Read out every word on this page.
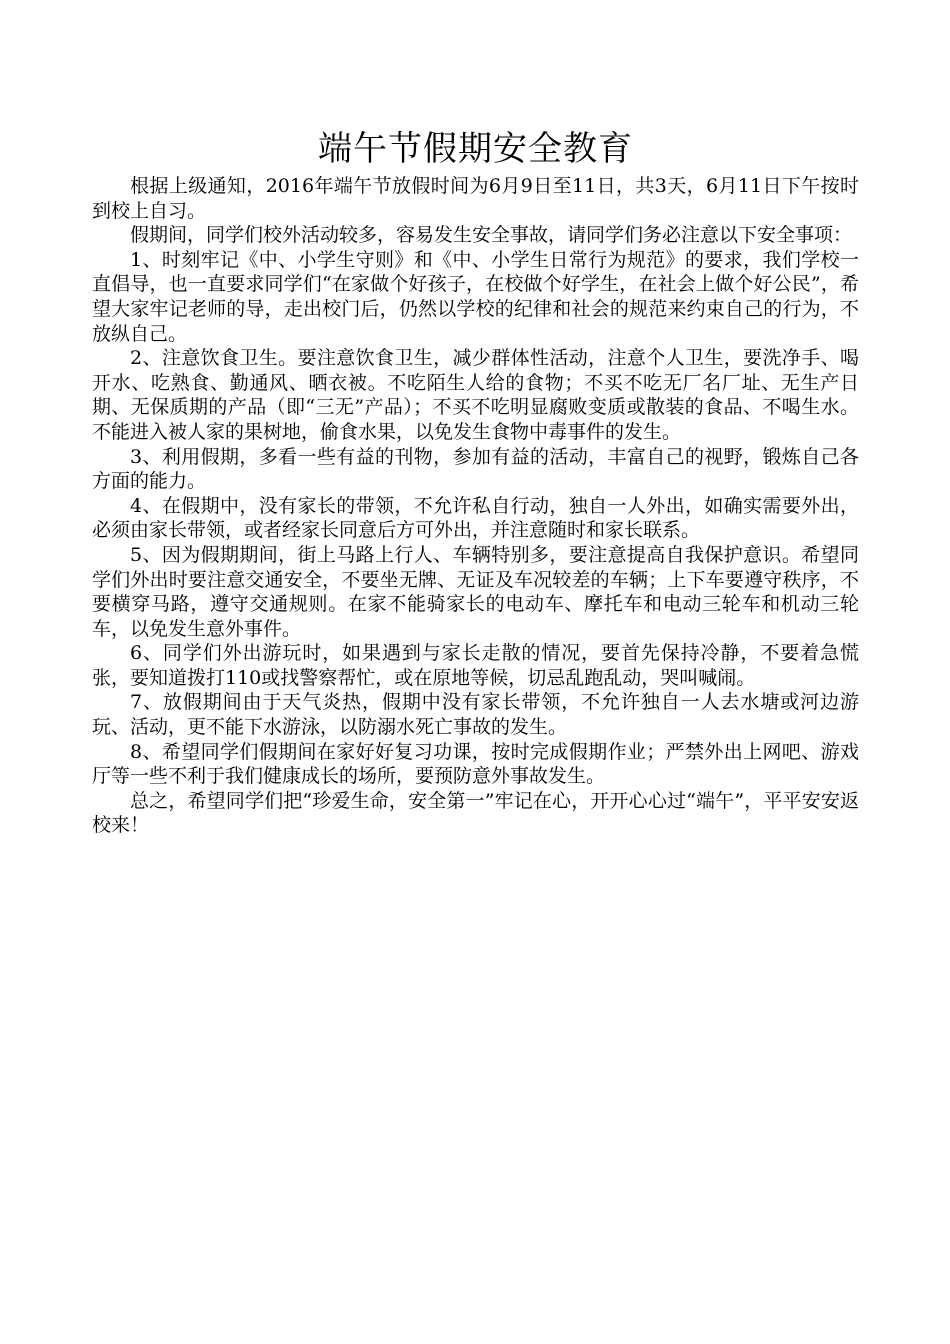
端午节假期安全教育

根据上级通知，2016年端午节放假时间为6月9日至11日，共3天，6月11日下午按时到校上自习。

假期间，同学们校外活动较多，容易发生安全事故，请同学们务必注意以下安全事项：

1、时刻牢记《中、小学生守则》和《中、小学生日常行为规范》的要求，我们学校一直倡导，也一直要求同学们“在家做个好孩子，在校做个好学生，在社会上做个好公民”，希望大家牢记老师的导，走出校门后，仍然以学校的纪律和社会的规范来约束自己的行为，不放纵自己。

2、注意饮食卫生。要注意饮食卫生，减少群体性活动，注意个人卫生，要洗净手、喝开水、吃熟食、勤通风、晒衣被。不吃陌生人给的食物；不买不吃无厂名厂址、无生产日期、无保质期的产品（即“三无”产品）；不买不吃明显腐败变质或散装的食品、不喝生水。不能进入被人家的果树地，偷食水果，以免发生食物中毒事件的发生。

3、利用假期，多看一些有益的刊物，参加有益的活动，丰富自己的视野，锻炼自己各方面的能力。

4、在假期中，没有家长的带领，不允许私自行动，独自一人外出，如确实需要外出，必须由家长带领，或者经家长同意后方可外出，并注意随时和家长联系。

5、因为假期期间，街上马路上行人、车辆特别多，要注意提高自我保护意识。希望同学们外出时要注意交通安全，不要坐无牌、无证及车况较差的车辆；上下车要遵守秩序，不要横穿马路，遵守交通规则。在家不能骑家长的电动车、摩托车和电动三轮车和机动三轮车，以免发生意外事件。

6、同学们外出游玩时，如果遇到与家长走散的情况，要首先保持冷静，不要着急慌张，要知道拨打110或找警察帮忙，或在原地等候，切忌乱跑乱动，哭叫喊闹。

7、放假期间由于天气炎热，假期中没有家长带领，不允许独自一人去水塘或河边游玩、活动，更不能下水游泳，以防溺水死亡事故的发生。

8、希望同学们假期间在家好好复习功课，按时完成假期作业；严禁外出上网吧、游戏厅等一些不利于我们健康成长的场所，要预防意外事故发生。

总之，希望同学们把“珍爱生命，安全第一”牢记在心，开开心心过“端午”，平平安安返校来！
